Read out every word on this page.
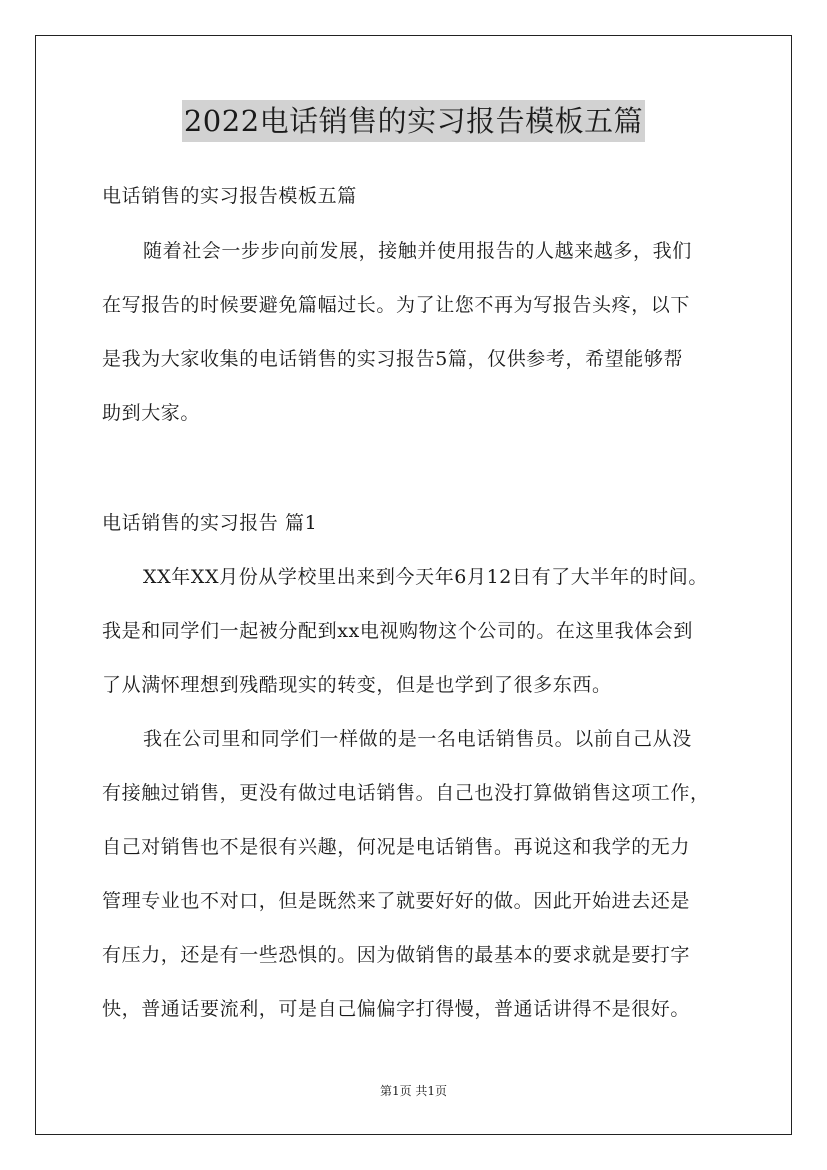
2022电话销售的实习报告模板五篇
电话销售的实习报告模板五篇
随着社会一步步向前发展，接触并使用报告的人越来越多，我们
在写报告的时候要避免篇幅过长。为了让您不再为写报告头疼，以下
是我为大家收集的电话销售的实习报告5篇，仅供参考，希望能够帮
助到大家。
电话销售的实习报告 篇1
XX年XX月份从学校里出来到今天年6月12日有了大半年的时间。
我是和同学们一起被分配到xx电视购物这个公司的。在这里我体会到
了从满怀理想到残酷现实的转变，但是也学到了很多东西。
我在公司里和同学们一样做的是一名电话销售员。以前自己从没
有接触过销售，更没有做过电话销售。自己也没打算做销售这项工作，
自己对销售也不是很有兴趣，何况是电话销售。再说这和我学的无力
管理专业也不对口，但是既然来了就要好好的做。因此开始进去还是
有压力，还是有一些恐惧的。因为做销售的最基本的要求就是要打字
快，普通话要流利，可是自己偏偏字打得慢，普通话讲得不是很好。
第1页 共1页
